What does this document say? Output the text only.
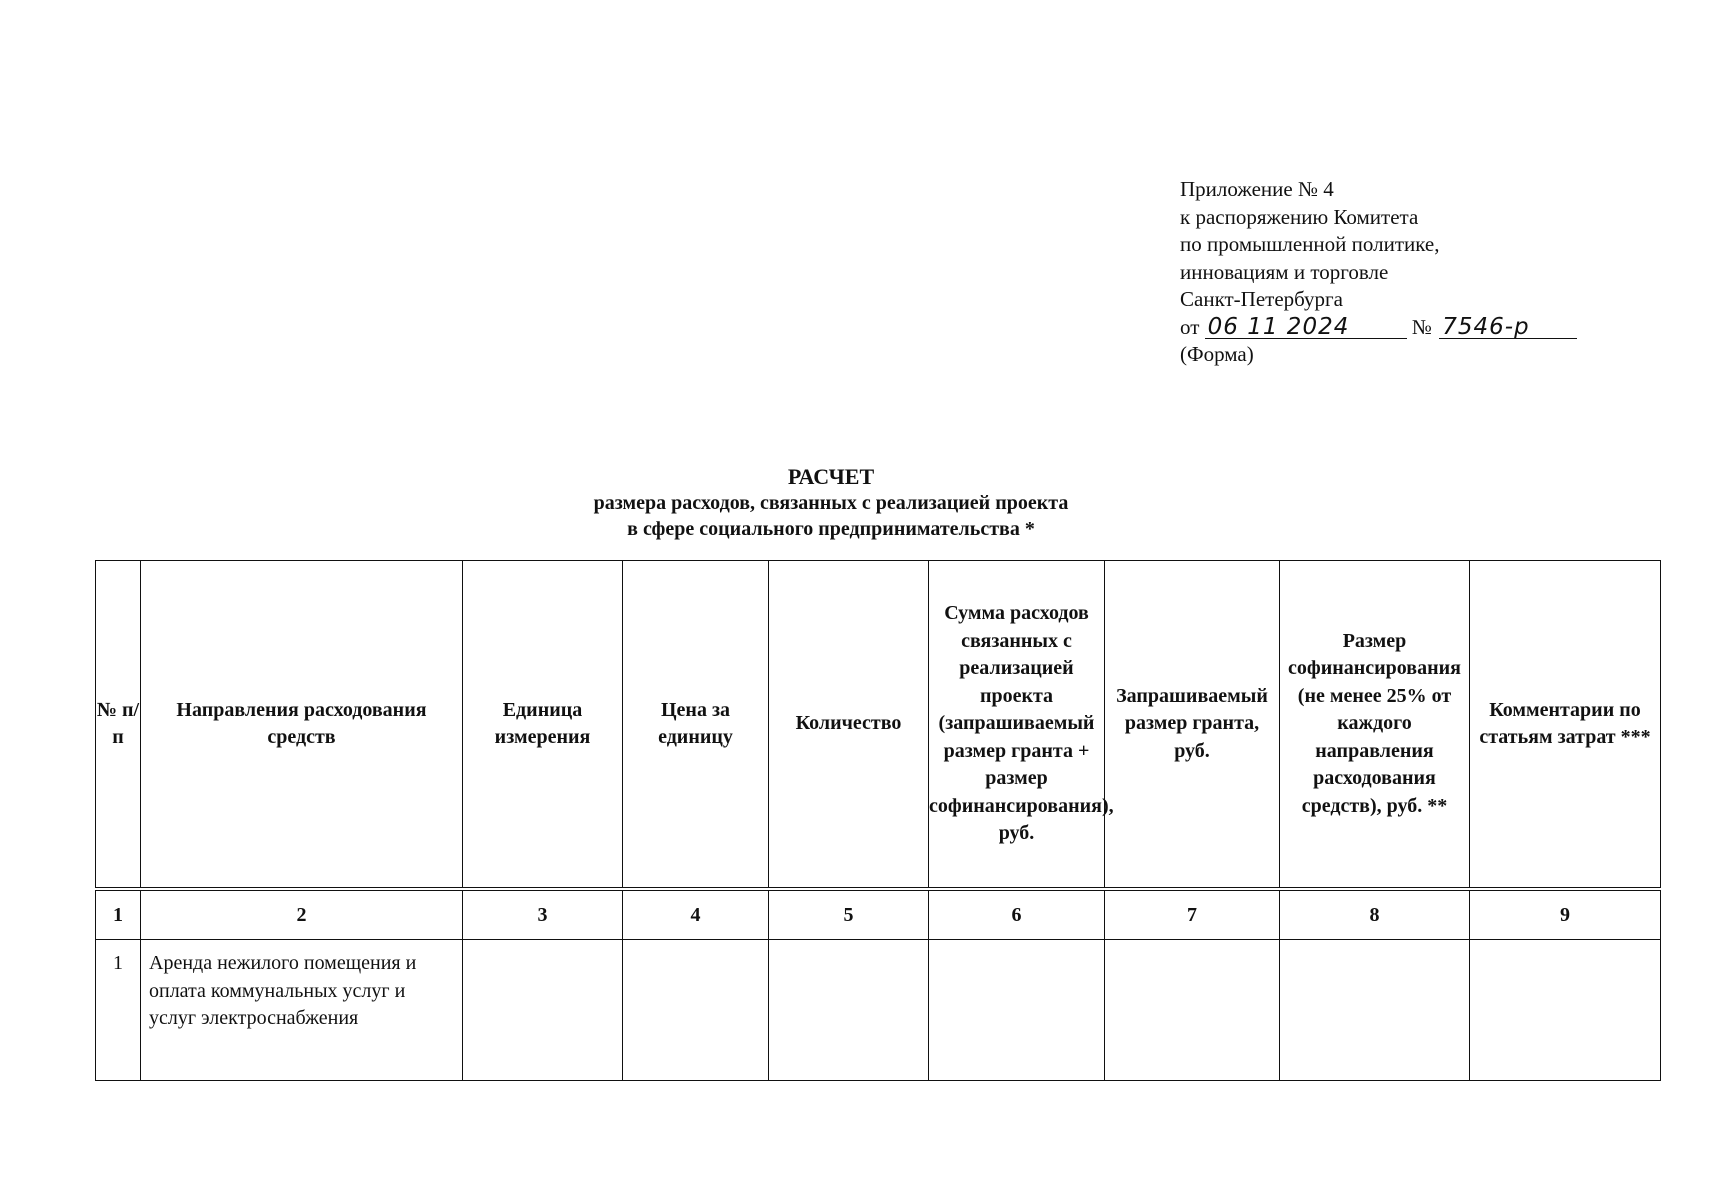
Приложение № 4
к распоряжению Комитета
по промышленной политике,
инновациям и торговле
Санкт-Петербурга
от 06 11 2024	№ 7546-р
(Форма)
РАСЧЕТ
размера расходов, связанных с реализацией проекта
в сфере социального предпринимательства *
№ п/п	Направления расходования средств	Единица измерения	Цена за единицу	Количество	Сумма расходов связанных с реализацией проекта (запрашиваемый размер гранта + размер софинансирования), руб.	Запрашиваемый размер гранта, руб.	Размер софинансирования (не менее 25% от каждого направления расходования средств), руб. **	Комментарии по статьям затрат ***
1	2	3	4	5	6	7	8	9
1	Аренда нежилого помещения и оплата коммунальных услуг и услуг электроснабжения							
